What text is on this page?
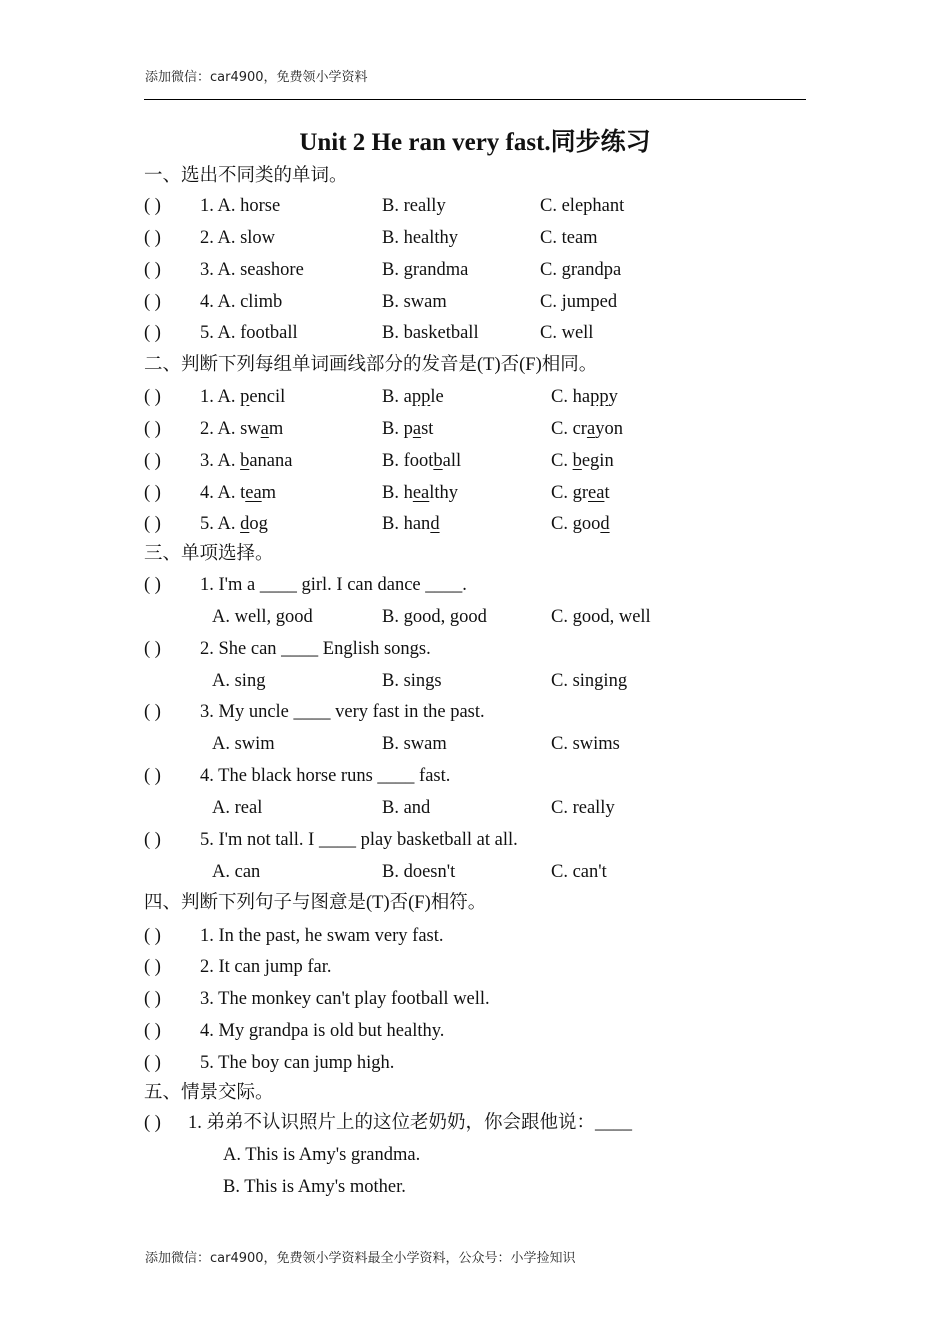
添加微信：car4900，免费领小学资料
Unit 2 He ran very fast.同步练习
一、选出不同类的单词。
( ) 1. A. horse	B. really	C. elephant
( ) 2. A. slow	B. healthy	C. team
( ) 3. A. seashore	B. grandma	C. grandpa
( ) 4. A. climb	B. swam	C. jumped
( ) 5. A. football	B. basketball	C. well
二、判断下列每组单词画线部分的发音是(T)否(F)相同。
( ) 1. A. pencil	B. apple	C. happy
( ) 2. A. swam	B. past	C. crayon
( ) 3. A. banana	B. football	C. begin
( ) 4. A. team	B. healthy	C. great
( ) 5. A. dog	B. hand	C. good
三、单项选择。
( ) 1. I'm a ____ girl. I can dance ____.
A. well, good	B. good, good	C. good, well
( ) 2. She can ____ English songs.
A. sing	B. sings	C. singing
( ) 3. My uncle ____ very fast in the past.
A. swim	B. swam	C. swims
( ) 4. The black horse runs ____ fast.
A. real	B. and	C. really
( ) 5. I'm not tall. I ____ play basketball at all.
A. can	B. doesn't	C. can't
四、判断下列句子与图意是(T)否(F)相符。
( ) 1. In the past, he swam very fast.
( ) 2. It can jump far.
( ) 3. The monkey can't play football well.
( ) 4. My grandpa is old but healthy.
( ) 5. The boy can jump high.
五、情景交际。
( ) 1. 弟弟不认识照片上的这位老奶奶，你会跟他说：____
A. This is Amy's grandma.
B. This is Amy's mother.
添加微信：car4900，免费领小学资料最全小学资料，公众号：小学捡知识
